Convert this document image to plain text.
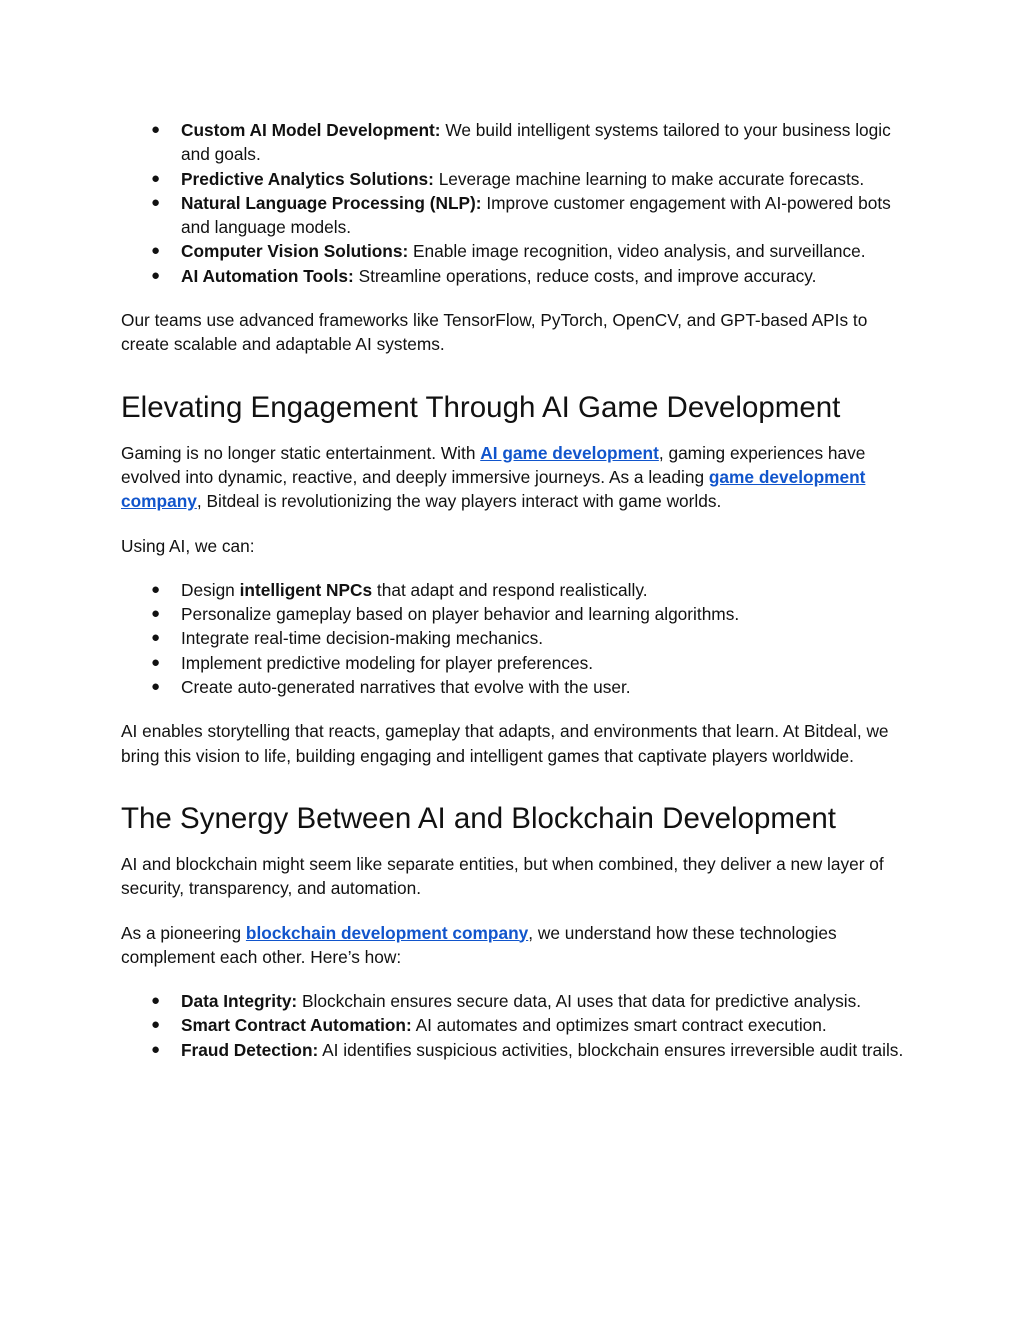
● Custom AI Model Development: We build intelligent systems tailored to your business logic and goals.
● Predictive Analytics Solutions: Leverage machine learning to make accurate forecasts.
● Natural Language Processing (NLP): Improve customer engagement with AI-powered bots and language models.
● Computer Vision Solutions: Enable image recognition, video analysis, and surveillance.
● AI Automation Tools: Streamline operations, reduce costs, and improve accuracy.

Our teams use advanced frameworks like TensorFlow, PyTorch, OpenCV, and GPT-based APIs to create scalable and adaptable AI systems.

Elevating Engagement Through AI Game Development

Gaming is no longer static entertainment. With AI game development, gaming experiences have evolved into dynamic, reactive, and deeply immersive journeys. As a leading game development company, Bitdeal is revolutionizing the way players interact with game worlds.

Using AI, we can:

● Design intelligent NPCs that adapt and respond realistically.
● Personalize gameplay based on player behavior and learning algorithms.
● Integrate real-time decision-making mechanics.
● Implement predictive modeling for player preferences.
● Create auto-generated narratives that evolve with the user.

AI enables storytelling that reacts, gameplay that adapts, and environments that learn. At Bitdeal, we bring this vision to life, building engaging and intelligent games that captivate players worldwide.

The Synergy Between AI and Blockchain Development

AI and blockchain might seem like separate entities, but when combined, they deliver a new layer of security, transparency, and automation.

As a pioneering blockchain development company, we understand how these technologies complement each other. Here’s how:

● Data Integrity: Blockchain ensures secure data, AI uses that data for predictive analysis.
● Smart Contract Automation: AI automates and optimizes smart contract execution.
● Fraud Detection: AI identifies suspicious activities, blockchain ensures irreversible audit trails.
